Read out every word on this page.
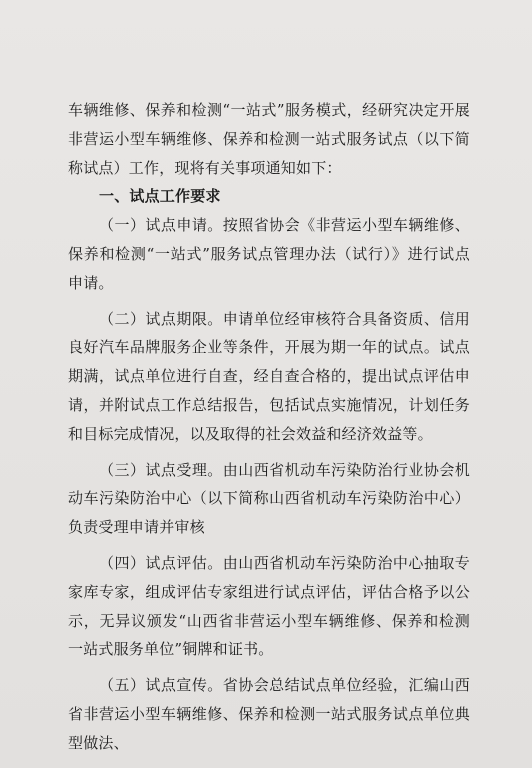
车辆维修、保养和检测“一站式”服务模式，经研究决定开展非营运小型车辆维修、保养和检测一站式服务试点（以下简称试点）工作，现将有关事项通知如下：

一、试点工作要求

（一）试点申请。按照省协会《非营运小型车辆维修、保养和检测“一站式”服务试点管理办法（试行）》进行试点申请。

（二）试点期限。申请单位经审核符合具备资质、信用良好汽车品牌服务企业等条件，开展为期一年的试点。试点期满，试点单位进行自查，经自查合格的，提出试点评估申请，并附试点工作总结报告，包括试点实施情况，计划任务和目标完成情况，以及取得的社会效益和经济效益等。

（三）试点受理。由山西省机动车污染防治行业协会机动车污染防治中心（以下简称山西省机动车污染防治中心）负责受理申请并审核

（四）试点评估。由山西省机动车污染防治中心抽取专家库专家，组成评估专家组进行试点评估，评估合格予以公示，无异议颁发“山西省非营运小型车辆维修、保养和检测一站式服务单位”铜牌和证书。

（五）试点宣传。省协会总结试点单位经验，汇编山西省非营运小型车辆维修、保养和检测一站式服务试点单位典型做法、
